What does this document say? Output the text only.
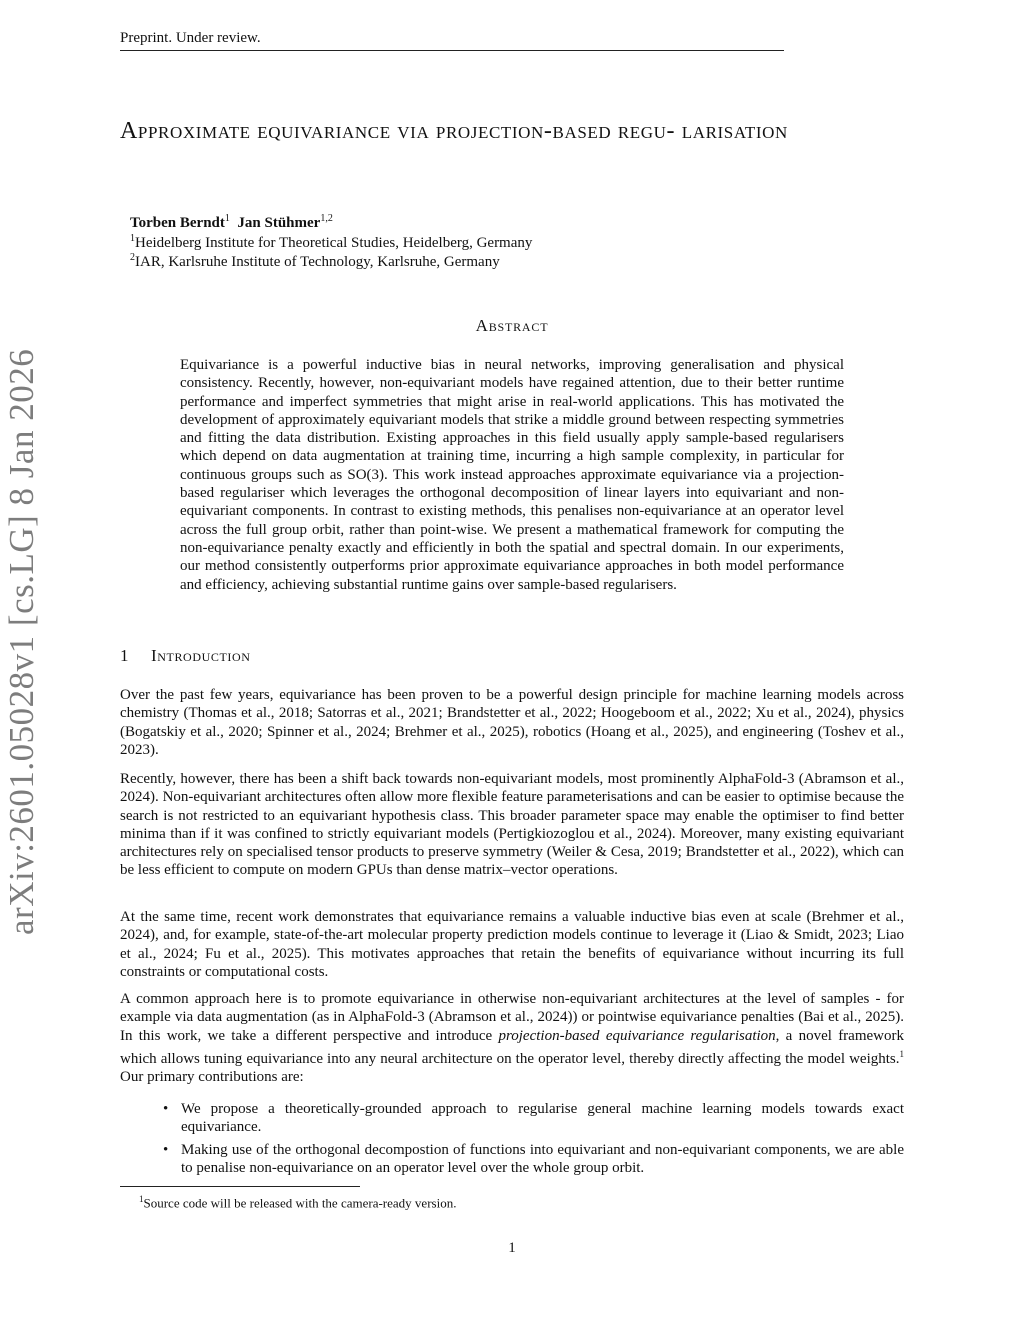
Preprint. Under review.
arXiv:2601.05028v1 [cs.LG] 8 Jan 2026
Approximate equivariance via projection-based regu- larisation
Torben Berndt$^1$ Jan Stühmer$^{1,2}$
$^1$Heidelberg Institute for Theoretical Studies, Heidelberg, Germany
$^2$IAR, Karlsruhe Institute of Technology, Karlsruhe, Germany
Abstract
Equivariance is a powerful inductive bias in neural networks, improving generalisation and physical consistency. Recently, however, non-equivariant models have regained attention, due to their better runtime performance and imperfect symmetries that might arise in real-world applications. This has motivated the development of approximately equivariant models that strike a middle ground between respecting symmetries and fitting the data distribution. Existing approaches in this field usually apply sample-based regularisers which depend on data augmentation at training time, incurring a high sample complexity, in particular for continuous groups such as SO(3). This work instead approaches approximate equivariance via a projection-based regulariser which leverages the orthogonal decomposition of linear layers into equivariant and non-equivariant components. In contrast to existing methods, this penalises non-equivariance at an operator level across the full group orbit, rather than point-wise. We present a mathematical framework for computing the non-equivariance penalty exactly and efficiently in both the spatial and spectral domain. In our experiments, our method consistently outperforms prior approximate equivariance approaches in both model performance and efficiency, achieving substantial runtime gains over sample-based regularisers.
1 Introduction

Over the past few years, equivariance has been proven to be a powerful design principle for machine learning models across chemistry (Thomas et al., 2018; Satorras et al., 2021; Brandstetter et al., 2022; Hoogeboom et al., 2022; Xu et al., 2024), physics (Bogatskiy et al., 2020; Spinner et al., 2024; Brehmer et al., 2025), robotics (Hoang et al., 2025), and engineering (Toshev et al., 2023).

Recently, however, there has been a shift back towards non-equivariant models, most prominently AlphaFold-3 (Abramson et al., 2024). Non-equivariant architectures often allow more flexible feature parameterisations and can be easier to optimise because the search is not restricted to an equivariant hypothesis class. This broader parameter space may enable the optimiser to find better minima than if it was confined to strictly equivariant models (Pertigkiozoglou et al., 2024). Moreover, many existing equivariant architectures rely on specialised tensor products to preserve symmetry (Weiler & Cesa, 2019; Brandstetter et al., 2022), which can be less efficient to compute on modern GPUs than dense matrix–vector operations.

At the same time, recent work demonstrates that equivariance remains a valuable inductive bias even at scale (Brehmer et al., 2024), and, for example, state-of-the-art molecular property prediction models continue to leverage it (Liao & Smidt, 2023; Liao et al., 2024; Fu et al., 2025). This motivates approaches that retain the benefits of equivariance without incurring its full constraints or computational costs.

A common approach here is to promote equivariance in otherwise non-equivariant architectures at the level of samples - for example via data augmentation (as in AlphaFold-3 (Abramson et al., 2024)) or pointwise equivariance penalties (Bai et al., 2025). In this work, we take a different perspective and introduce projection-based equivariance regularisation, a novel framework which allows tuning equivariance into any neural architecture on the operator level, thereby directly affecting the model weights.$^1$ Our primary contributions are:

• We propose a theoretically-grounded approach to regularise general machine learning models towards exact equivariance.
• Making use of the orthogonal decompostion of functions into equivariant and non-equivariant components, we are able to penalise non-equivariance on an operator level over the whole group orbit.
$^1$Source code will be released with the camera-ready version.
1
